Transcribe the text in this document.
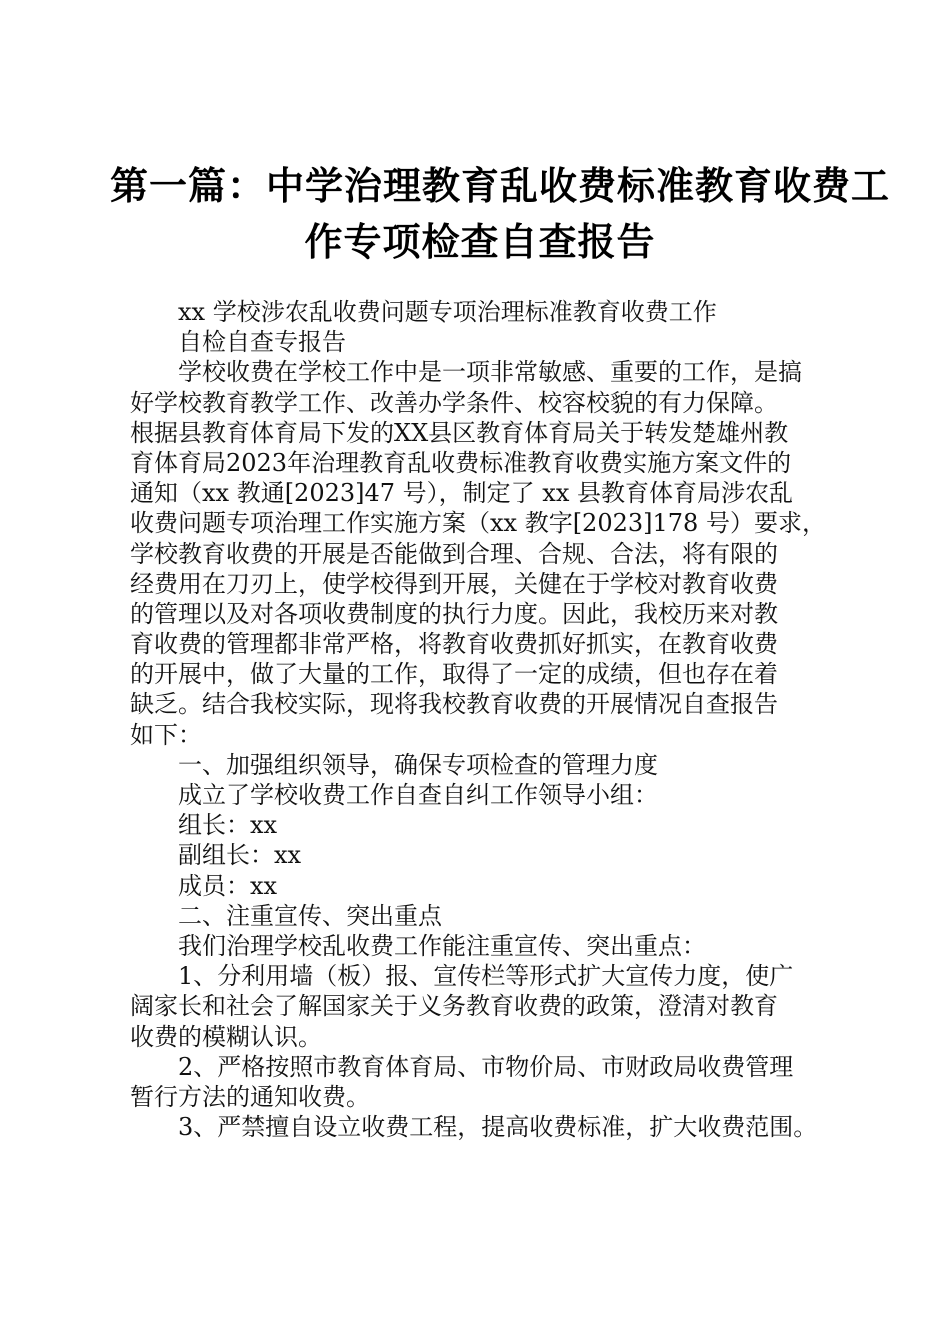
第一篇：中学治理教育乱收费标准教育收费工
作专项检查自查报告
xx 学校涉农乱收费问题专项治理标准教育收费工作
自检自查专报告
学校收费在学校工作中是一项非常敏感、重要的工作，是搞
好学校教育教学工作、改善办学条件、校容校貌的有力保障。
根据县教育体育局下发的XX县区教育体育局关于转发楚雄州教
育体育局2023年治理教育乱收费标准教育收费实施方案文件的
通知（xx 教通[2023]47 号），制定了 xx 县教育体育局涉农乱
收费问题专项治理工作实施方案（xx 教字[2023]178 号）要求，
学校教育收费的开展是否能做到合理、合规、合法，将有限的
经费用在刀刃上，使学校得到开展，关健在于学校对教育收费
的管理以及对各项收费制度的执行力度。因此，我校历来对教
育收费的管理都非常严格，将教育收费抓好抓实，在教育收费
的开展中，做了大量的工作，取得了一定的成绩，但也存在着
缺乏。结合我校实际，现将我校教育收费的开展情况自查报告
如下：
一、加强组织领导，确保专项检查的管理力度
成立了学校收费工作自查自纠工作领导小组：
组长：xx
副组长：xx
成员：xx
二、注重宣传、突出重点
我们治理学校乱收费工作能注重宣传、突出重点：
1、分利用墙（板）报、宣传栏等形式扩大宣传力度，使广
阔家长和社会了解国家关于义务教育收费的政策，澄清对教育
收费的模糊认识。
2、严格按照市教育体育局、市物价局、市财政局收费管理
暂行方法的通知收费。
3、严禁擅自设立收费工程，提高收费标准，扩大收费范围。
